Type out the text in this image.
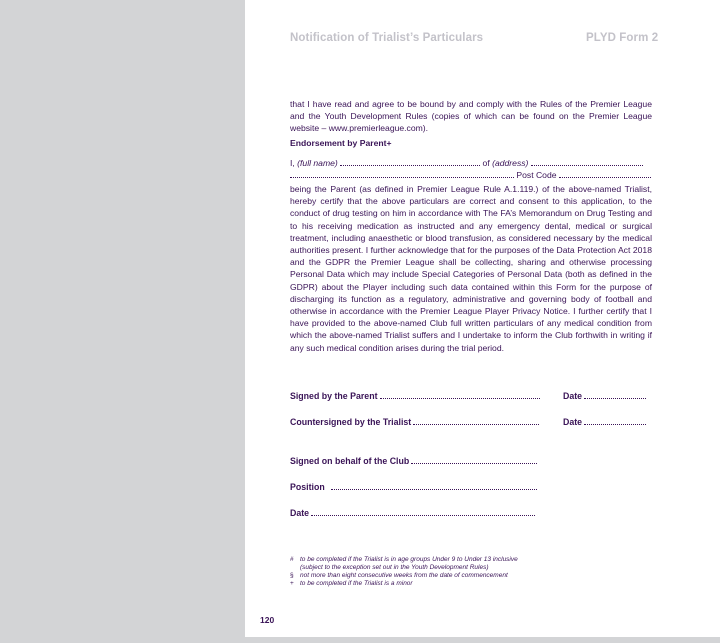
Notification of Trialist’s Particulars	PLYD Form 2
that I have read and agree to be bound by and comply with the Rules of the Premier League and the Youth Development Rules (copies of which can be found on the Premier League website – www.premierleague.com).
Endorsement by Parent+
I, (full name)	of (address)
Post Code
being the Parent (as defined in Premier League Rule A.1.119.) of the above-named Trialist, hereby certify that the above particulars are correct and consent to this application, to the conduct of drug testing on him in accordance with The FA’s Memorandum on Drug Testing and to his receiving medication as instructed and any emergency dental, medical or surgical treatment, including anaesthetic or blood transfusion, as considered necessary by the medical authorities present. I further acknowledge that for the purposes of the Data Protection Act 2018 and the GDPR the Premier League shall be collecting, sharing and otherwise processing Personal Data which may include Special Categories of Personal Data (both as defined in the GDPR) about the Player including such data contained within this Form for the purpose of discharging its function as a regulatory, administrative and governing body of football and otherwise in accordance with the Premier League Player Privacy Notice. I further certify that I have provided to the above-named Club full written particulars of any medical condition from which the above-named Trialist suffers and I undertake to inform the Club forthwith in writing if any such medical condition arises during the trial period.
Signed by the Parent	Date
Countersigned by the Trialist	Date
Signed on behalf of the Club
Position
Date
# to be completed if the Trialist is in age groups Under 9 to Under 13 inclusive
(subject to the exception set out in the Youth Development Rules)
§ not more than eight consecutive weeks from the date of commencement
+ to be completed if the Trialist is a minor
120
